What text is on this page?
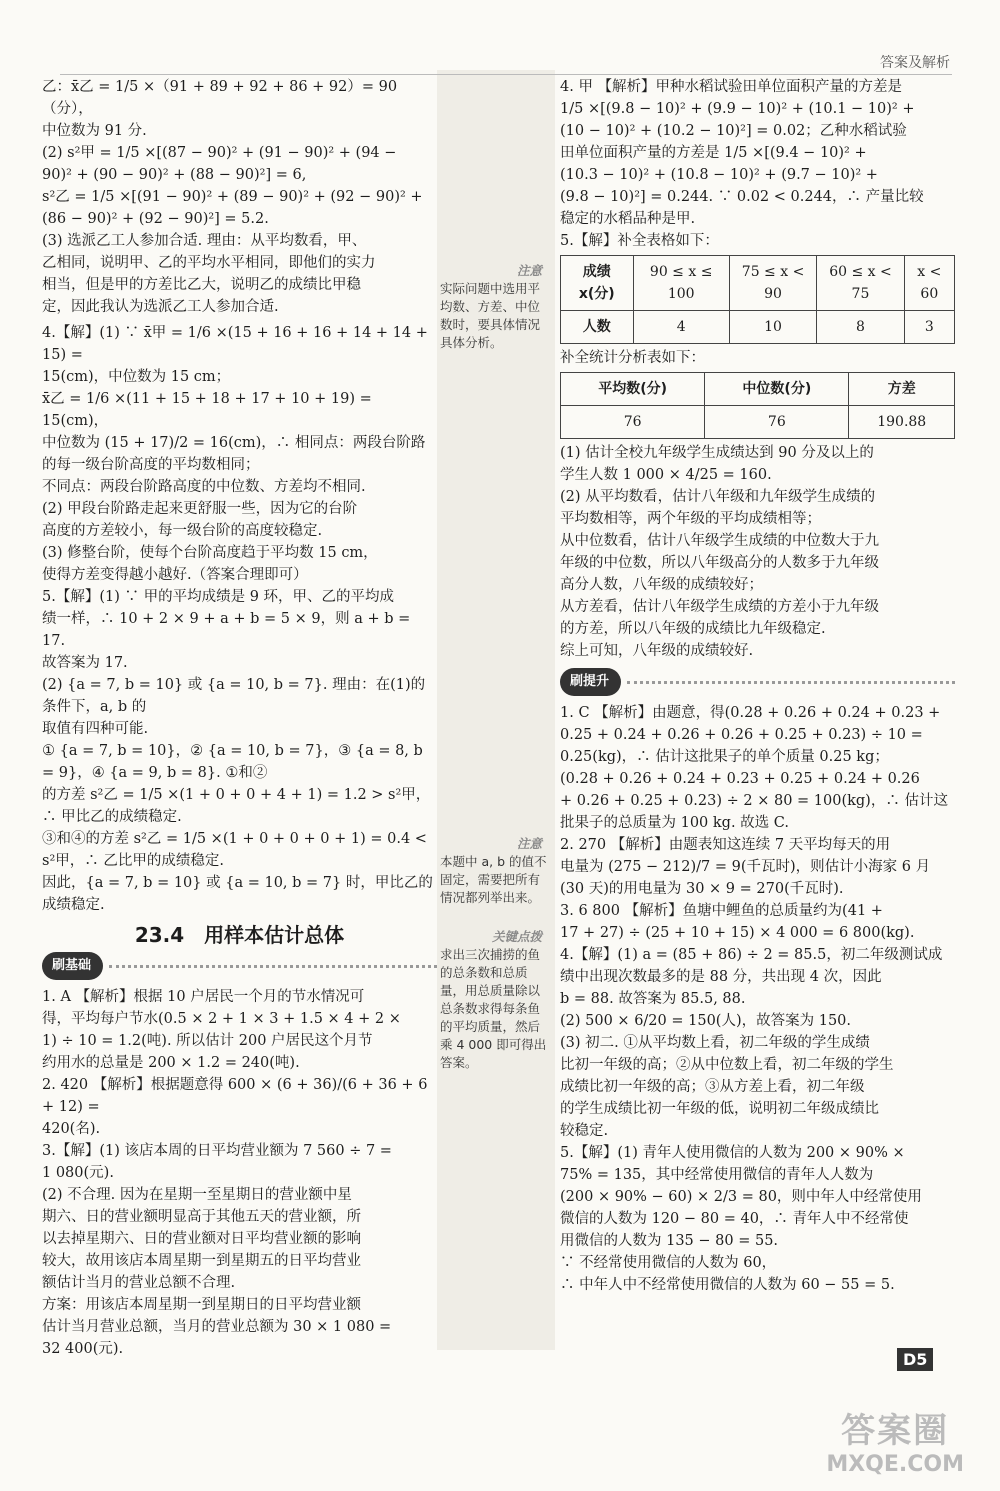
答案及解析

乙：x̄乙 = 1/5 ×（91 + 89 + 92 + 86 + 92）= 90（分），

中位数为 91 分.

(2) s²甲 = 1/5 ×[(87 − 90)² + (91 − 90)² + (94 −

90)² + (90 − 90)² + (88 − 90)²] = 6,

s²乙 = 1/5 ×[(91 − 90)² + (89 − 90)² + (92 − 90)² +

(86 − 90)² + (92 − 90)²] = 5.2.

(3) 选派乙工人参加合适. 理由：从平均数看，甲、

乙相同，说明甲、乙的平均水平相同，即他们的实力

相当，但是甲的方差比乙大，说明乙的成绩比甲稳

定，因此我认为选派乙工人参加合适.

4.【解】(1) ∵ x̄甲 = 1/6 ×(15 + 16 + 16 + 14 + 14 + 15) =

15(cm)，中位数为 15 cm；

x̄乙 = 1/6 ×(11 + 15 + 18 + 17 + 10 + 19) = 15(cm)，

中位数为 (15 + 17)/2 = 16(cm)，∴ 相同点：两段台阶路

的每一级台阶高度的平均数相同；

不同点：两段台阶路高度的中位数、方差均不相同.

(2) 甲段台阶路走起来更舒服一些，因为它的台阶

高度的方差较小，每一级台阶的高度较稳定.

(3) 修整台阶，使每个台阶高度趋于平均数 15 cm，

使得方差变得越小越好.（答案合理即可）

5.【解】(1) ∵ 甲的平均成绩是 9 环，甲、乙的平均成

绩一样，∴ 10 + 2 × 9 + a + b = 5 × 9，则 a + b = 17.

故答案为 17.

(2) {a = 7, b = 10} 或 {a = 10, b = 7}. 理由：在(1)的条件下，a, b 的

取值有四种可能.

① {a = 7, b = 10}，② {a = 10, b = 7}，③ {a = 8, b = 9}，④ {a = 9, b = 8}. ①和②

的方差 s²乙 = 1/5 ×(1 + 0 + 0 + 4 + 1) = 1.2 > s²甲，

∴ 甲比乙的成绩稳定.

③和④的方差 s²乙 = 1/5 ×(1 + 0 + 0 + 0 + 1) = 0.4 <

s²甲，∴ 乙比甲的成绩稳定.

因此，{a = 7, b = 10} 或 {a = 10, b = 7} 时，甲比乙的成绩稳定.

23.4　用样本估计总体
刷基础

1. A 【解析】根据 10 户居民一个月的节水情况可

得，平均每户节水(0.5 × 2 + 1 × 3 + 1.5 × 4 + 2 ×

1) ÷ 10 = 1.2(吨). 所以估计 200 户居民这个月节

约用水的总量是 200 × 1.2 = 240(吨).

2. 420 【解析】根据题意得 600 × (6 + 36)/(6 + 36 + 6 + 12) =

420(名).

3.【解】(1) 该店本周的日平均营业额为 7 560 ÷ 7 =

1 080(元).

(2) 不合理. 因为在星期一至星期日的营业额中星

期六、日的营业额明显高于其他五天的营业额，所

以去掉星期六、日的营业额对日平均营业额的影响

较大，故用该店本周星期一到星期五的日平均营业

额估计当月的营业总额不合理.

方案：用该店本周星期一到星期日的日平均营业额

估计当月营业总额，当月的营业总额为 30 × 1 080 =

32 400(元).

注意
实际问题中选用平均数、方差、中位数时，要具体情况具体分析。
注意
本题中 a, b 的值不固定，需要把所有情况都列举出来。
关键点拨
求出三次捕捞的鱼的总条数和总质量，用总质量除以总条数求得每条鱼的平均质量，然后乘 4 000 即可得出答案。

4. 甲 【解析】甲种水稻试验田单位面积产量的方差是

1/5 ×[(9.8 − 10)² + (9.9 − 10)² + (10.1 − 10)² +

(10 − 10)² + (10.2 − 10)²] = 0.02；乙种水稻试验

田单位面积产量的方差是 1/5 ×[(9.4 − 10)² +

(10.3 − 10)² + (10.8 − 10)² + (9.7 − 10)² +

(9.8 − 10)²] = 0.244. ∵ 0.02 < 0.244，∴ 产量比较

稳定的水稻品种是甲.

5.【解】补全表格如下：

成绩 x(分)	90 ≤ x ≤ 100	75 ≤ x < 90	60 ≤ x < 75	x < 60
人数	4	10	8	3

补全统计分析表如下：

平均数(分)	中位数(分)	方差
76	76	190.88

(1) 估计全校九年级学生成绩达到 90 分及以上的

学生人数 1 000 × 4/25 = 160.

(2) 从平均数看，估计八年级和九年级学生成绩的

平均数相等，两个年级的平均成绩相等；

从中位数看，估计八年级学生成绩的中位数大于九

年级的中位数，所以八年级高分的人数多于九年级

高分人数，八年级的成绩较好；

从方差看，估计八年级学生成绩的方差小于九年级

的方差，所以八年级的成绩比九年级稳定.

综上可知，八年级的成绩较好.

刷提升

1. C 【解析】由题意，得(0.28 + 0.26 + 0.24 + 0.23 +

0.25 + 0.24 + 0.26 + 0.26 + 0.25 + 0.23) ÷ 10 =

0.25(kg)，∴ 估计这批果子的单个质量 0.25 kg；

(0.28 + 0.26 + 0.24 + 0.23 + 0.25 + 0.24 + 0.26

+ 0.26 + 0.25 + 0.23) ÷ 2 × 80 = 100(kg)，∴ 估计这

批果子的总质量为 100 kg. 故选 C.

2. 270 【解析】由题表知这连续 7 天平均每天的用

电量为 (275 − 212)/7 = 9(千瓦时)，则估计小海家 6 月

(30 天)的用电量为 30 × 9 = 270(千瓦时).

3. 6 800 【解析】鱼塘中鲤鱼的总质量约为(41 +

17 + 27) ÷ (25 + 10 + 15) × 4 000 = 6 800(kg).

4.【解】(1) a = (85 + 86) ÷ 2 = 85.5，初二年级测试成

绩中出现次数最多的是 88 分，共出现 4 次，因此

b = 88. 故答案为 85.5, 88.

(2) 500 × 6/20 = 150(人)，故答案为 150.

(3) 初二. ①从平均数上看，初二年级的学生成绩

比初一年级的高；②从中位数上看，初二年级的学生

成绩比初一年级的高；③从方差上看，初二年级

的学生成绩比初一年级的低，说明初二年级成绩比

较稳定.

5.【解】(1) 青年人使用微信的人数为 200 × 90% ×

75% = 135，其中经常使用微信的青年人人数为

(200 × 90% − 60) × 2/3 = 80，则中年人中经常使用

微信的人数为 120 − 80 = 40，∴ 青年人中不经常使

用微信的人数为 135 − 80 = 55.

∵ 不经常使用微信的人数为 60，

∴ 中年人中不经常使用微信的人数为 60 − 55 = 5.

D5
答案圈
MXQE.COM
